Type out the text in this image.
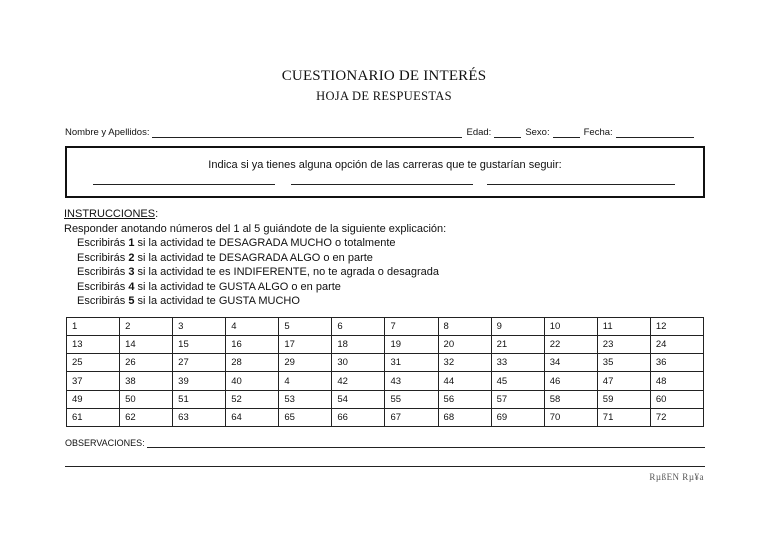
CUESTIONARIO DE INTERÉS
HOJA DE RESPUESTAS
Nombre y Apellidos:	Edad:	Sexo:	Fecha:
Indica si ya tienes alguna opción de las carreras que te gustarían seguir:
INSTRUCCIONES:
Responder anotando números del 1 al 5 guiándote de la siguiente explicación:
Escribirás 1 si la actividad te DESAGRADA MUCHO o totalmente
Escribirás 2 si la actividad te DESAGRADA ALGO o en parte
Escribirás 3 si la actividad te es INDIFERENTE, no te agrada o desagrada
Escribirás 4 si la actividad te GUSTA ALGO o en parte
Escribirás 5 si la actividad te GUSTA MUCHO
1	2	3	4	5	6	7	8	9	10	11	12
13	14	15	16	17	18	19	20	21	22	23	24
25	26	27	28	29	30	31	32	33	34	35	36
37	38	39	40	4	42	43	44	45	46	47	48
49	50	51	52	53	54	55	56	57	58	59	60
61	62	63	64	65	66	67	68	69	70	71	72
OBSERVACIONES:
RµßEN Rµ¥a
